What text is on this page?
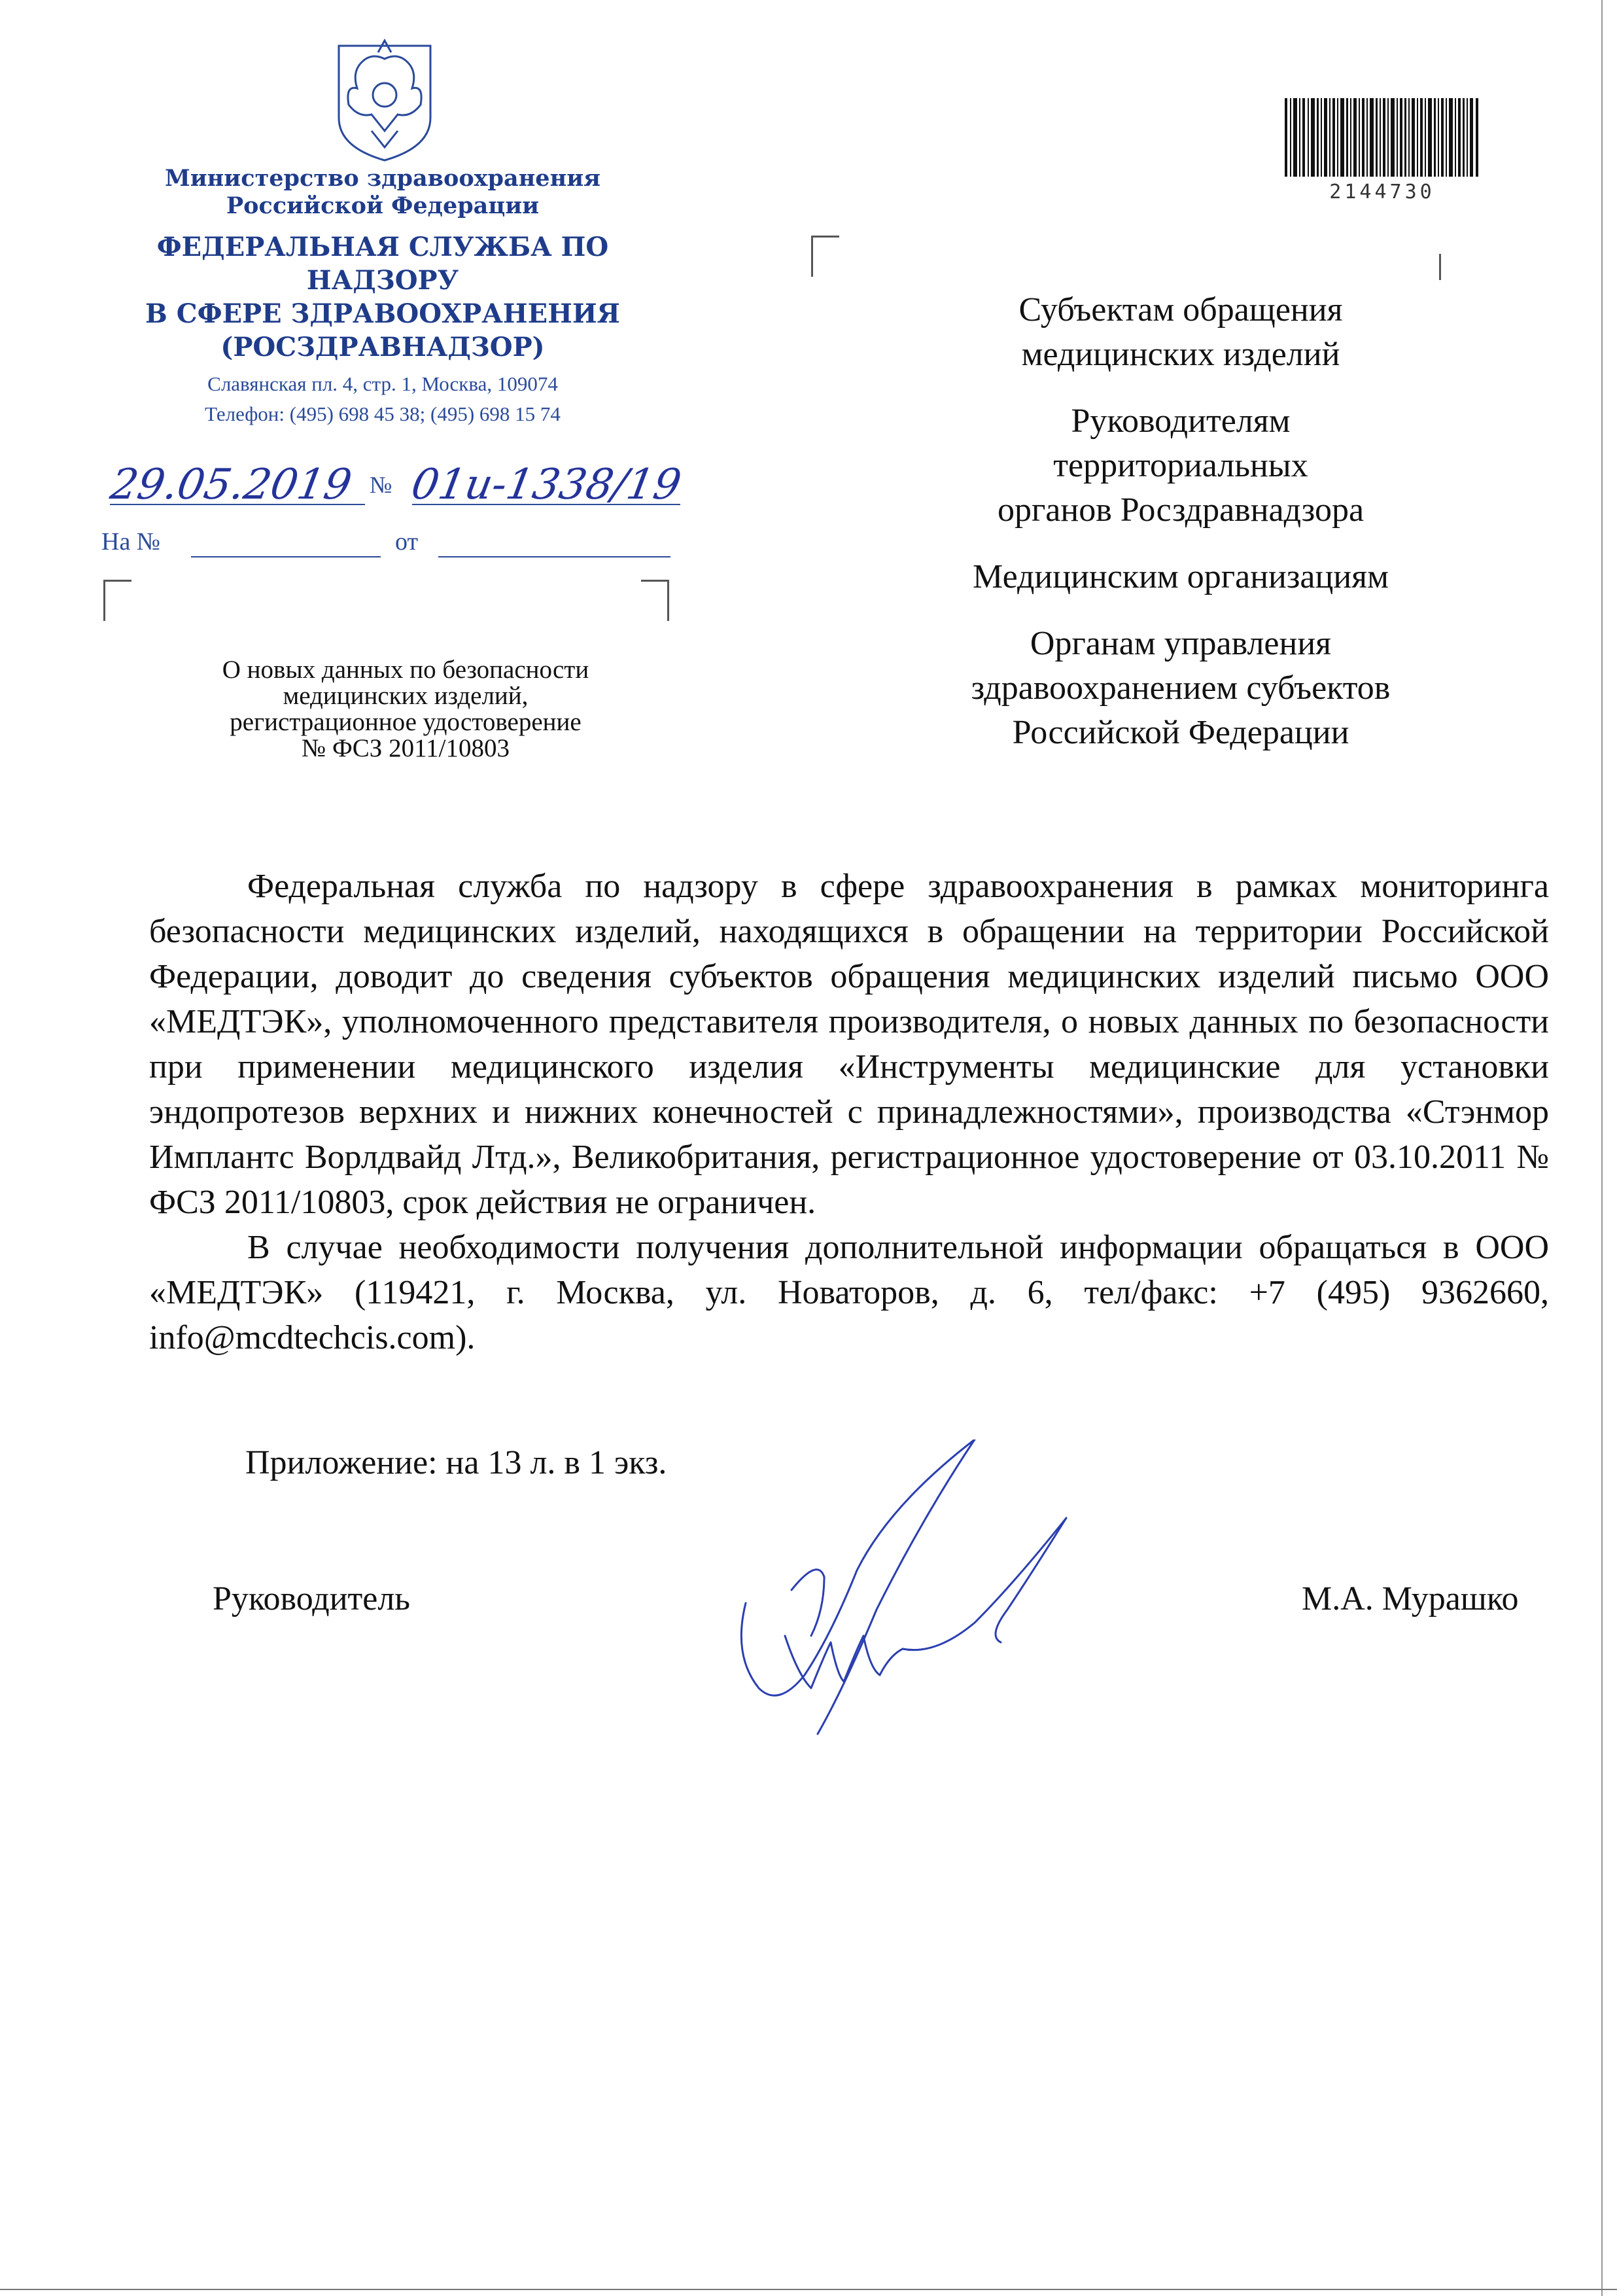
Министерство здравоохранения
Российской Федерации
ФЕДЕРАЛЬНАЯ СЛУЖБА ПО НАДЗОРУ
В СФЕРЕ ЗДРАВООХРАНЕНИЯ
(РОСЗДРАВНАДЗОР)
Славянская пл. 4, стр. 1, Москва, 109074
Телефон: (495) 698 45 38; (495) 698 15 74
29.05.2019 № 01и-1338/19
На №	от
О новых данных по безопасности
медицинских изделий,
регистрационное удостоверение
№ ФСЗ 2011/10803
2144730
Субъектам обращения
медицинских изделий
Руководителям
территориальных
органов Росздравнадзора
Медицинским организациям
Органам управления
здравоохранением субъектов
Российской Федерации

Федеральная служба по надзору в сфере здравоохранения в рамках мониторинга безопасности медицинских изделий, находящихся в обращении на территории Российской Федерации, доводит до сведения субъектов обращения медицинских изделий письмо ООО «МЕДТЭК», уполномоченного представителя производителя, о новых данных по безопасности при применении медицинского изделия «Инструменты медицинские для установки эндопротезов верхних и нижних конечностей с принадлежностями», производства «Стэнмор Имплантс Ворлдвайд Лтд.», Великобритания, регистрационное удостоверение от 03.10.2011 № ФСЗ 2011/10803, срок действия не ограничен.

В случае необходимости получения дополнительной информации обращаться в ООО «МЕДТЭК» (119421, г. Москва, ул. Новаторов, д. 6, тел/факс: +7 (495) 9362660, info@mcdtechcis.com).

Приложение: на 13 л. в 1 экз.
Руководитель	М.А. Мурашко
